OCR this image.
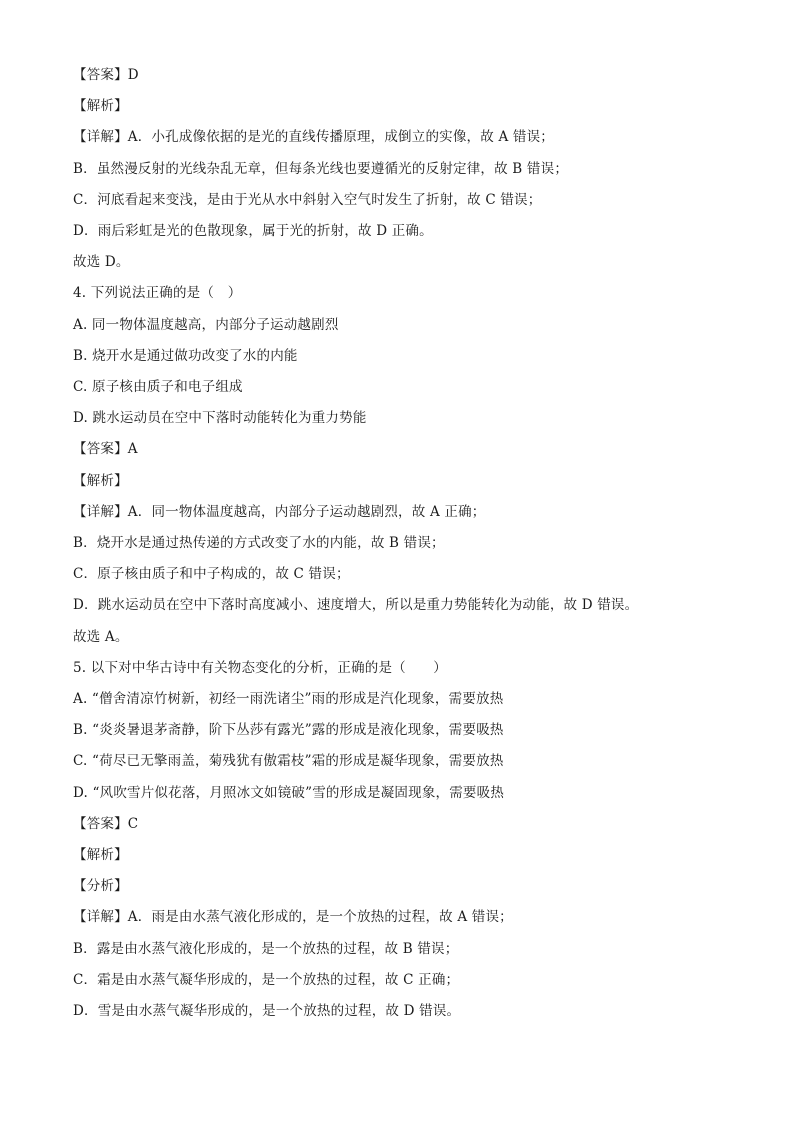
【答案】D
【解析】
【详解】A．小孔成像依据的是光的直线传播原理，成倒立的实像，故 A 错误；
B．虽然漫反射的光线杂乱无章，但每条光线也要遵循光的反射定律，故 B 错误；
C．河底看起来变浅，是由于光从水中斜射入空气时发生了折射，故 C 错误；
D．雨后彩虹是光的色散现象，属于光的折射，故 D 正确。
故选 D。
4. 下列说法正确的是（　）
A. 同一物体温度越高，内部分子运动越剧烈
B. 烧开水是通过做功改变了水的内能
C. 原子核由质子和电子组成
D. 跳水运动员在空中下落时动能转化为重力势能
【答案】A
【解析】
【详解】A．同一物体温度越高，内部分子运动越剧烈，故 A 正确；
B．烧开水是通过热传递的方式改变了水的内能，故 B 错误；
C．原子核由质子和中子构成的，故 C 错误；
D．跳水运动员在空中下落时高度减小、速度增大，所以是重力势能转化为动能，故 D 错误。
故选 A。
5. 以下对中华古诗中有关物态变化的分析，正确的是（　　）
A. “僧舍清凉竹树新，初经一雨洗诸尘”雨的形成是汽化现象，需要放热
B. “炎炎暑退茅斋静，阶下丛莎有露光”露的形成是液化现象，需要吸热
C. “荷尽已无擎雨盖，菊残犹有傲霜枝”霜的形成是凝华现象，需要放热
D. “风吹雪片似花落，月照冰文如镜破”雪的形成是凝固现象，需要吸热
【答案】C
【解析】
【分析】
【详解】A．雨是由水蒸气液化形成的，是一个放热的过程，故 A 错误；
B．露是由水蒸气液化形成的，是一个放热的过程，故 B 错误；
C．霜是由水蒸气凝华形成的，是一个放热的过程，故 C 正确；
D．雪是由水蒸气凝华形成的，是一个放热的过程，故 D 错误。
